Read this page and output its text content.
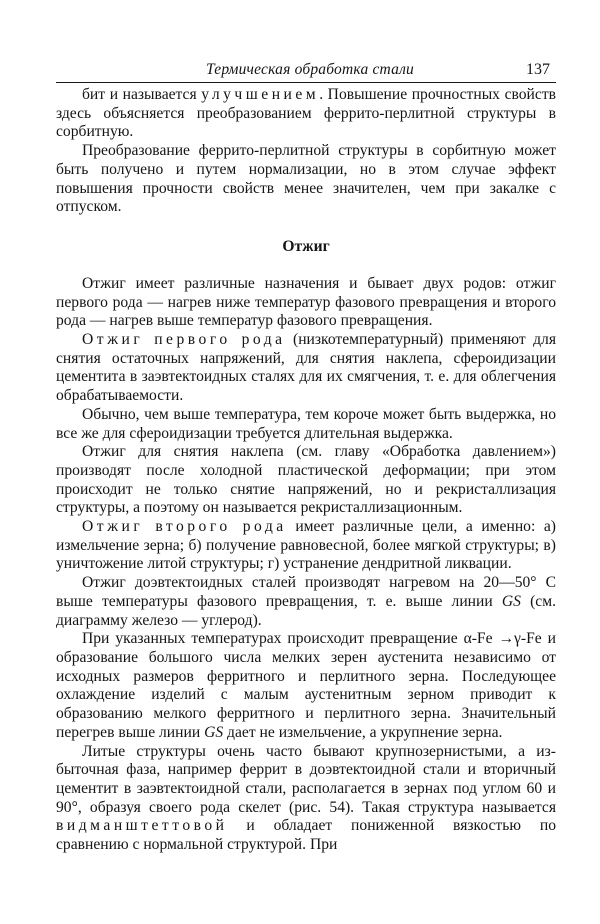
Термическая обработка стали	137

бит и называется улучшением. Повышение прочностных свойств здесь объясняется преобразованием феррито-перлитной структуры в сорбитную.

Преобразование феррито-перлитной структуры в сорбитную может быть получено и путем нормализации, но в этом случае эффект повышения прочности свойств менее значителен, чем при закалке с отпуском.

Отжиг

Отжиг имеет различные назначения и бывает двух родов: отжиг первого рода — нагрев ниже температур фазового превращения и второго рода — нагрев выше температур фазового превращения.

Отжиг первого рода (низкотемпературный) применяют для снятия остаточных напряжений, для снятия наклепа, сфероидизации цементита в заэвтектоидных сталях для их смягчения, т. е. для облегчения обрабатываемости.

Обычно, чем выше температура, тем короче может быть выдержка, но все же для сфероидизации требуется длительная выдержка.

Отжиг для снятия наклепа (см. главу «Обработка давлением») производят после холодной пластической деформации; при этом происходит не только снятие напряжений, но и рекристаллизация структуры, а поэтому он называется рекристаллизационным.

Отжиг второго рода имеет различные цели, а именно: а) измельчение зерна; б) получение равновесной, более мягкой структуры; в) уничтожение литой структуры; г) устранение дендритной ликвации.

Отжиг доэвтектоидных сталей производят нагревом на 20—50° С выше температуры фазового превращения, т. е. выше линии GS (см. диаграмму железо — углерод).

При указанных температурах происходит превращение α-Fe →γ-Fe и образование большого числа мелких зерен аустенита независимо от исходных размеров ферритного и перлитного зерна. Последующее охлаждение изделий с малым аустенитным зерном приводит к образованию мелкого ферритного и перлитного зерна. Значительный перегрев выше линии GS дает не измельчение, а укрупнение зерна.

Литые структуры очень часто бывают крупнозернистыми, а избыточная фаза, например феррит в доэвтектоидной стали и вторичный цементит в заэвтектоидной стали, располагается в зернах под углом 60 и 90°, образуя своего рода скелет (рис. 54). Такая структура называется видманштеттовой и обладает пониженной вязкостью по сравнению с нормальной структурой. При
